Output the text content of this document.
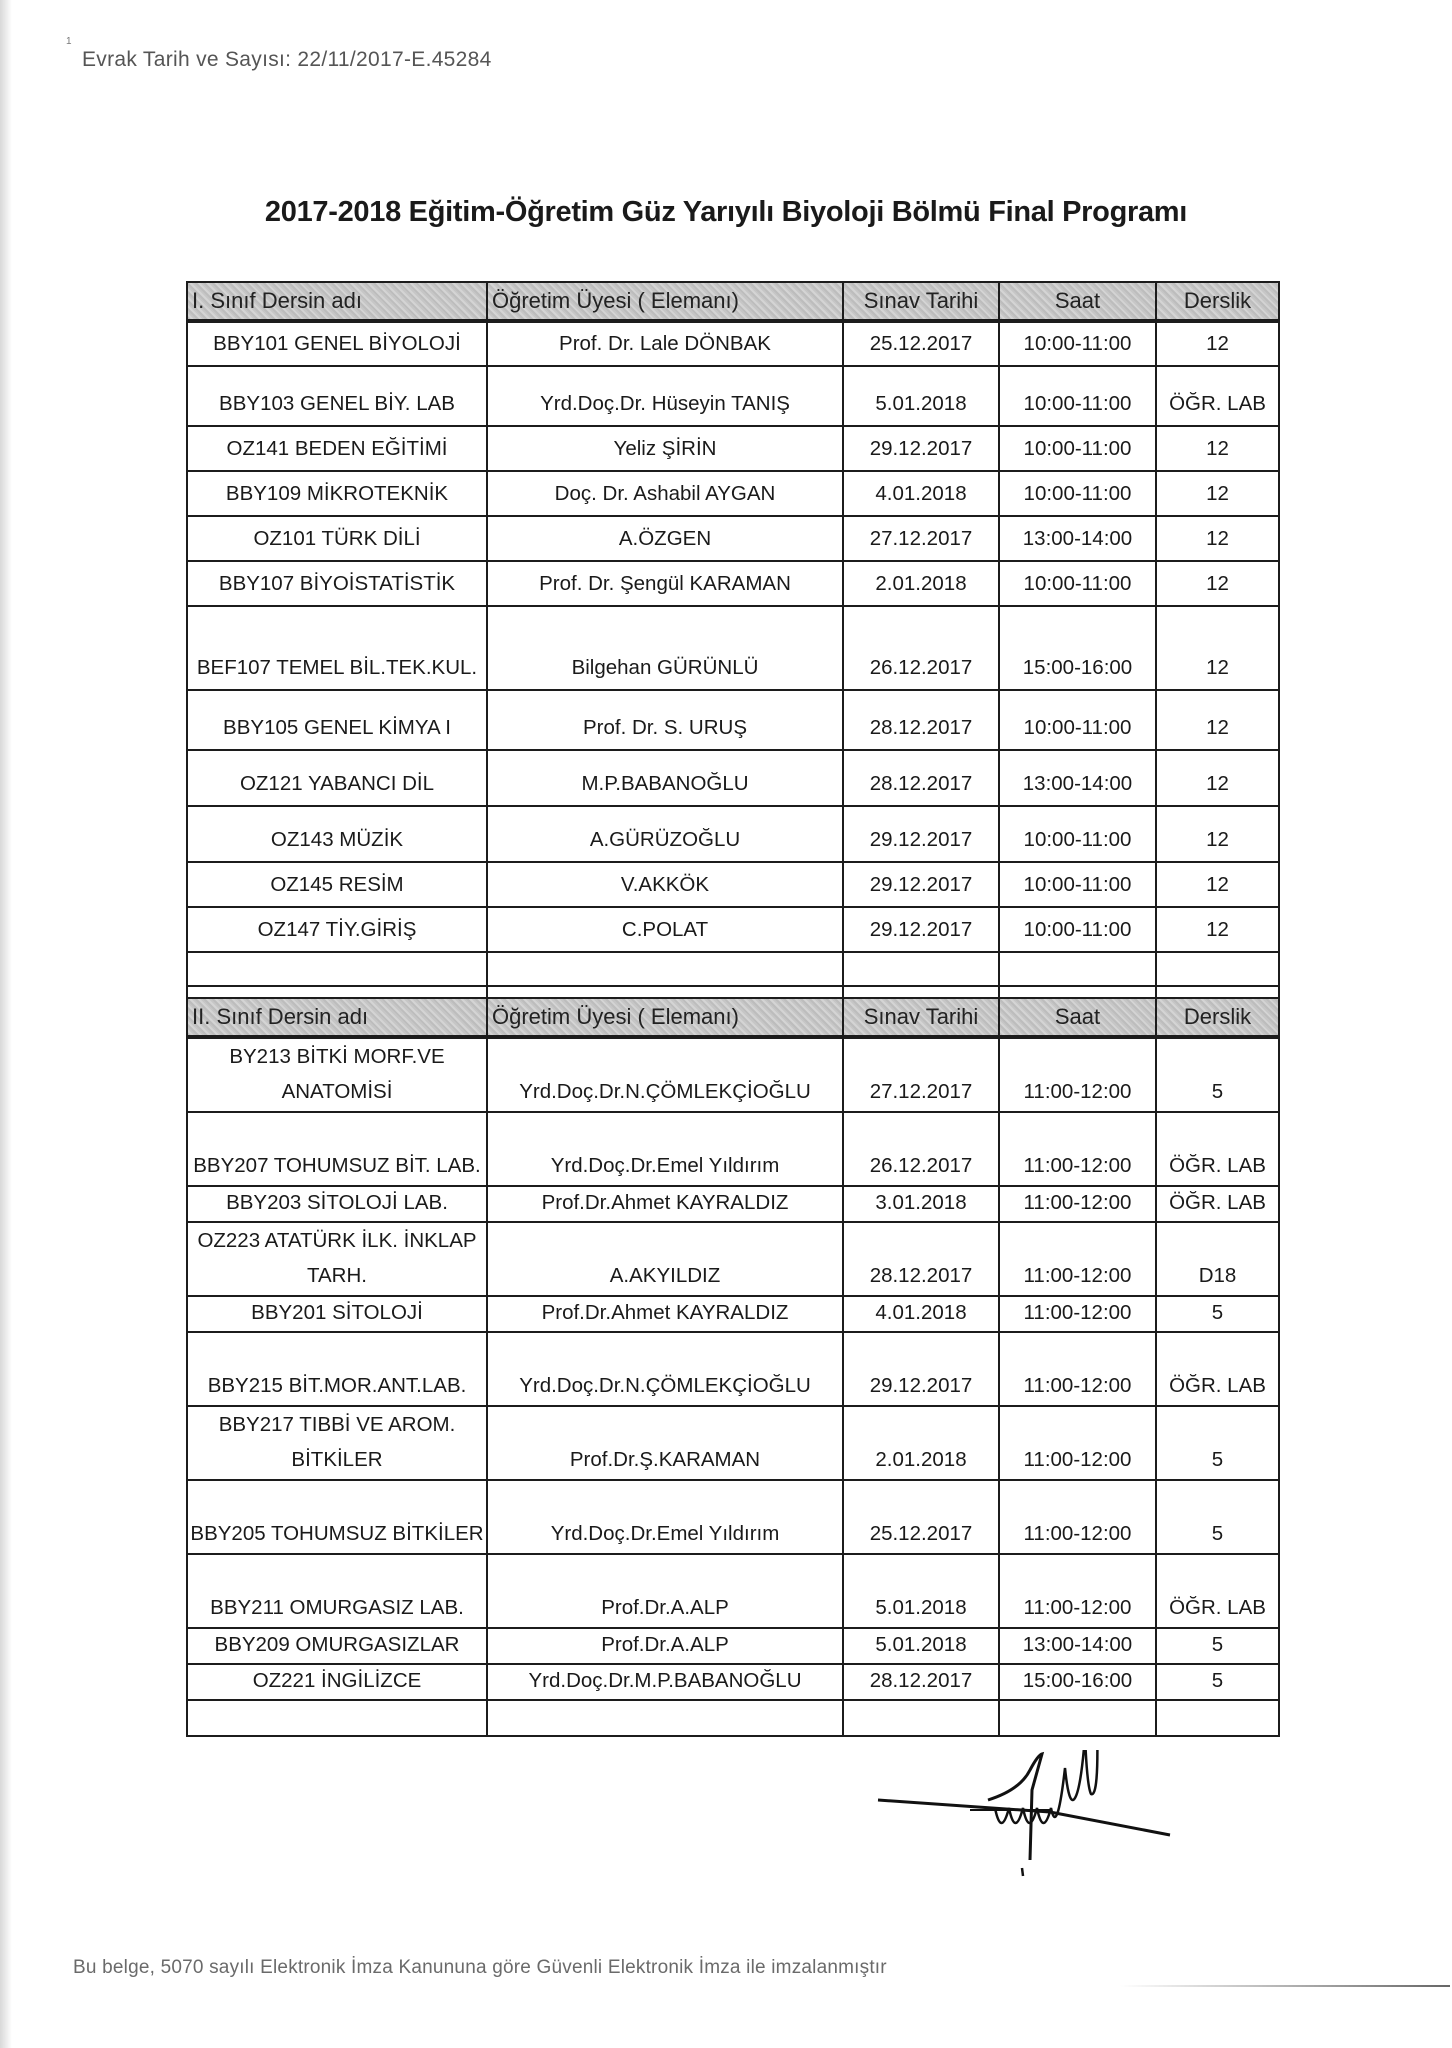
1
Evrak Tarih ve Sayısı: 22/11/2017-E.45284
2017-2018 Eğitim-Öğretim Güz Yarıyılı Biyoloji Bölmü Final Programı
I. Sınıf Dersin adı	Öğretim Üyesi ( Elemanı)	Sınav Tarihi	Saat	Derslik
BBY101 GENEL BİYOLOJİ	Prof. Dr. Lale DÖNBAK	25.12.2017	10:00-11:00	12
BBY103 GENEL BİY. LAB	Yrd.Doç.Dr. Hüseyin TANIŞ	5.01.2018	10:00-11:00	ÖĞR. LAB
OZ141 BEDEN EĞİTİMİ	Yeliz ŞİRİN	29.12.2017	10:00-11:00	12
BBY109 MİKROTEKNİK	Doç. Dr. Ashabil AYGAN	4.01.2018	10:00-11:00	12
OZ101 TÜRK DİLİ	A.ÖZGEN	27.12.2017	13:00-14:00	12
BBY107 BİYOİSTATİSTİK	Prof. Dr. Şengül KARAMAN	2.01.2018	10:00-11:00	12
BEF107 TEMEL BİL.TEK.KUL.	Bilgehan GÜRÜNLÜ	26.12.2017	15:00-16:00	12
BBY105 GENEL KİMYA I	Prof. Dr. S. URUŞ	28.12.2017	10:00-11:00	12
OZ121 YABANCI DİL	M.P.BABANOĞLU	28.12.2017	13:00-14:00	12
OZ143 MÜZİK	A.GÜRÜZOĞLU	29.12.2017	10:00-11:00	12
OZ145 RESİM	V.AKKÖK	29.12.2017	10:00-11:00	12
OZ147 TİY.GİRİŞ	C.POLAT	29.12.2017	10:00-11:00	12

II. Sınıf Dersin adı	Öğretim Üyesi ( Elemanı)	Sınav Tarihi	Saat	Derslik
BY213 BİTKİ MORF.VE ANATOMİSİ	Yrd.Doç.Dr.N.ÇÖMLEKÇİOĞLU	27.12.2017	11:00-12:00	5
BBY207 TOHUMSUZ BİT. LAB.	Yrd.Doç.Dr.Emel Yıldırım	26.12.2017	11:00-12:00	ÖĞR. LAB
BBY203 SİTOLOJİ LAB.	Prof.Dr.Ahmet KAYRALDIZ	3.01.2018	11:00-12:00	ÖĞR. LAB
OZ223 ATATÜRK İLK. İNKLAP TARH.	A.AKYILDIZ	28.12.2017	11:00-12:00	D18
BBY201 SİTOLOJİ	Prof.Dr.Ahmet KAYRALDIZ	4.01.2018	11:00-12:00	5
BBY215 BİT.MOR.ANT.LAB.	Yrd.Doç.Dr.N.ÇÖMLEKÇİOĞLU	29.12.2017	11:00-12:00	ÖĞR. LAB
BBY217 TIBBİ VE AROM. BİTKİLER	Prof.Dr.Ş.KARAMAN	2.01.2018	11:00-12:00	5
BBY205 TOHUMSUZ BİTKİLER	Yrd.Doç.Dr.Emel Yıldırım	25.12.2017	11:00-12:00	5
BBY211 OMURGASIZ LAB.	Prof.Dr.A.ALP	5.01.2018	11:00-12:00	ÖĞR. LAB
BBY209 OMURGASIZLAR	Prof.Dr.A.ALP	5.01.2018	13:00-14:00	5
OZ221 İNGİLİZCE	Yrd.Doç.Dr.M.P.BABANOĞLU	28.12.2017	15:00-16:00	5

Bu belge, 5070 sayılı Elektronik İmza Kanununa göre Güvenli Elektronik İmza ile imzalanmıştır
